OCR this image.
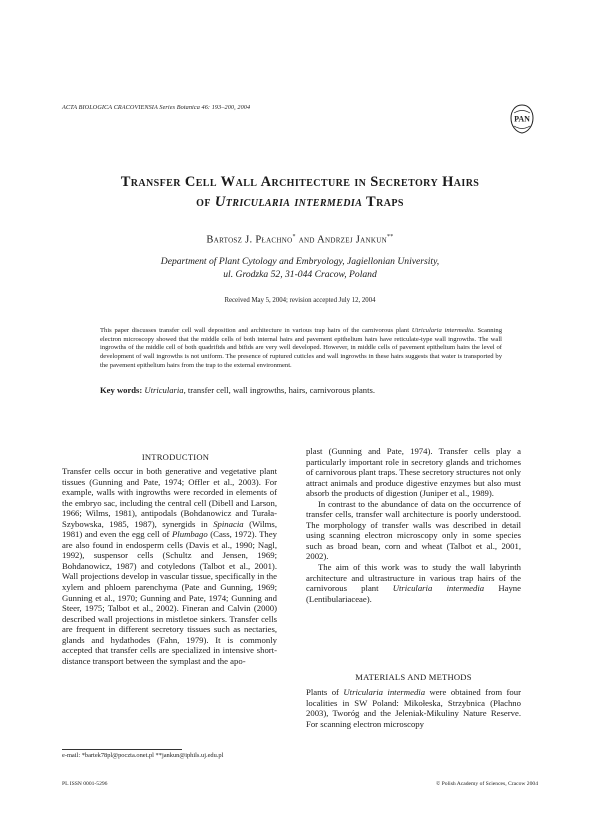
ACTA BIOLOGICA CRACOVIENSIA Series Botanica 46: 193–200, 2004
PAN
Transfer Cell Wall Architecture in Secretory Hairs
of Utricularia intermedia Traps
Bartosz J. Płachno* and Andrzej Jankun**
Department of Plant Cytology and Embryology, Jagiellonian University,
ul. Grodzka 52, 31-044 Cracow, Poland
Received May 5, 2004; revision accepted July 12, 2004
This paper discusses transfer cell wall deposition and architecture in various trap hairs of the carnivorous plant Utricularia intermedia. Scanning electron microscopy showed that the middle cells of both internal hairs and pavement epithelium hairs have reticulate-type wall ingrowths. The wall ingrowths of the middle cell of both quadrifids and bifids are very well developed. However, in middle cells of pavement epithelium hairs the level of development of wall ingrowths is not uniform. The presence of ruptured cuticles and wall ingrowths in these hairs suggests that water is transported by the pavement epithelium hairs from the trap to the external environment.
Key words: Utricularia, transfer cell, wall ingrowths, hairs, carnivorous plants.
INTRODUCTION

Transfer cells occur in both generative and vegetative plant tissues (Gunning and Pate, 1974; Offler et al., 2003). For example, walls with ingrowths were recorded in elements of the embryo sac, including the central cell (Dibell and Larson, 1966; Wilms, 1981), antipodals (Bohdanowicz and Turała-Szybowska, 1985, 1987), synergids in Spinacia (Wilms, 1981) and even the egg cell of Plumbago (Cass, 1972). They are also found in endosperm cells (Davis et al., 1990; Nagl, 1992), suspensor cells (Schultz and Jensen, 1969; Bohdanowicz, 1987) and cotyledons (Talbot et al., 2001). Wall projections develop in vascular tissue, specifically in the xylem and phloem parenchyma (Pate and Gunning, 1969; Gunning et al., 1970; Gunning and Pate, 1974; Gunning and Steer, 1975; Talbot et al., 2002). Fineran and Calvin (2000) described wall projections in mistletoe sinkers. Transfer cells are frequent in different secretory tissues such as nectaries, glands and hydathodes (Fahn, 1979). It is commonly accepted that transfer cells are specialized in intensive short-distance transport between the symplast and the apo-

plast (Gunning and Pate, 1974). Transfer cells play a particularly important role in secretory glands and trichomes of carnivorous plant traps. These secretory structures not only attract animals and produce digestive enzymes but also must absorb the products of digestion (Juniper et al., 1989).

In contrast to the abundance of data on the occurrence of transfer cells, transfer wall architecture is poorly understood. The morphology of transfer walls was described in detail using scanning electron microscopy only in some species such as broad bean, corn and wheat (Talbot et al., 2001, 2002).

The aim of this work was to study the wall labyrinth architecture and ultrastructure in various trap hairs of the carnivorous plant Utricularia intermedia Hayne (Lentibulariaceae).

MATERIALS AND METHODS

Plants of Utricularia intermedia were obtained from four localities in SW Poland: Mikołeska, Strzybnica (Płachno 2003), Tworóg and the Jeleniak-Mikuliny Nature Reserve. For scanning electron microscopy

e-mail: *bartek78pl@poczta.onet.pl **jankun@iphils.uj.edu.pl
PL ISSN 0001-5296	© Polish Academy of Sciences, Cracow 2004
